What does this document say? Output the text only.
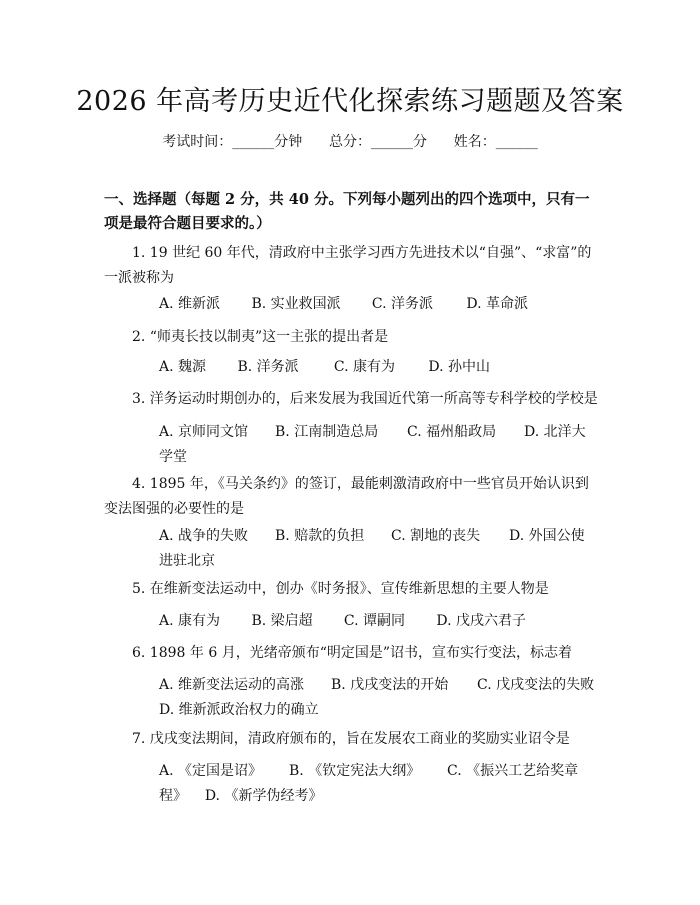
2026 年高考历史近代化探索练习题题及答案
考试时间：______分钟 总分：______分 姓名：______
一、选择题（每题 2 分，共 40 分。下列每小题列出的四个选项中，只有一项是最符合题目要求的。）

1. 19 世纪 60 年代，清政府中主张学习西方先进技术以“自强”、“求富”的一派被称为

A. 维新派 B. 实业救国派 C. 洋务派 D. 革命派

2. “师夷长技以制夷”这一主张的提出者是

A. 魏源 B. 洋务派	C. 康有为 D. 孙中山

3. 洋务运动时期创办的，后来发展为我国近代第一所高等专科学校的学校是

A. 京师同文馆 B. 江南制造总局 C. 福州船政局 D. 北洋大学堂

4. 1895 年，《马关条约》的签订，最能刺激清政府中一些官员开始认识到变法图强的必要性的是

A. 战争的失败 B. 赔款的负担 C. 割地的丧失 D. 外国公使进驻北京

5. 在维新变法运动中，创办《时务报》、宣传维新思想的主要人物是

A. 康有为 B. 梁启超 C. 谭嗣同 D. 戊戌六君子

6. 1898 年 6 月，光绪帝颁布“明定国是”诏书，宣布实行变法，标志着

A. 维新变法运动的高涨 B. 戊戌变法的开始 C. 戊戌变法的失败D. 维新派政治权力的确立

7. 戊戌变法期间，清政府颁布的，旨在发展农工商业的奖励实业诏令是

A. 《定国是诏》 B. 《钦定宪法大纲》 C. 《振兴工艺给奖章程》 D. 《新学伪经考》
